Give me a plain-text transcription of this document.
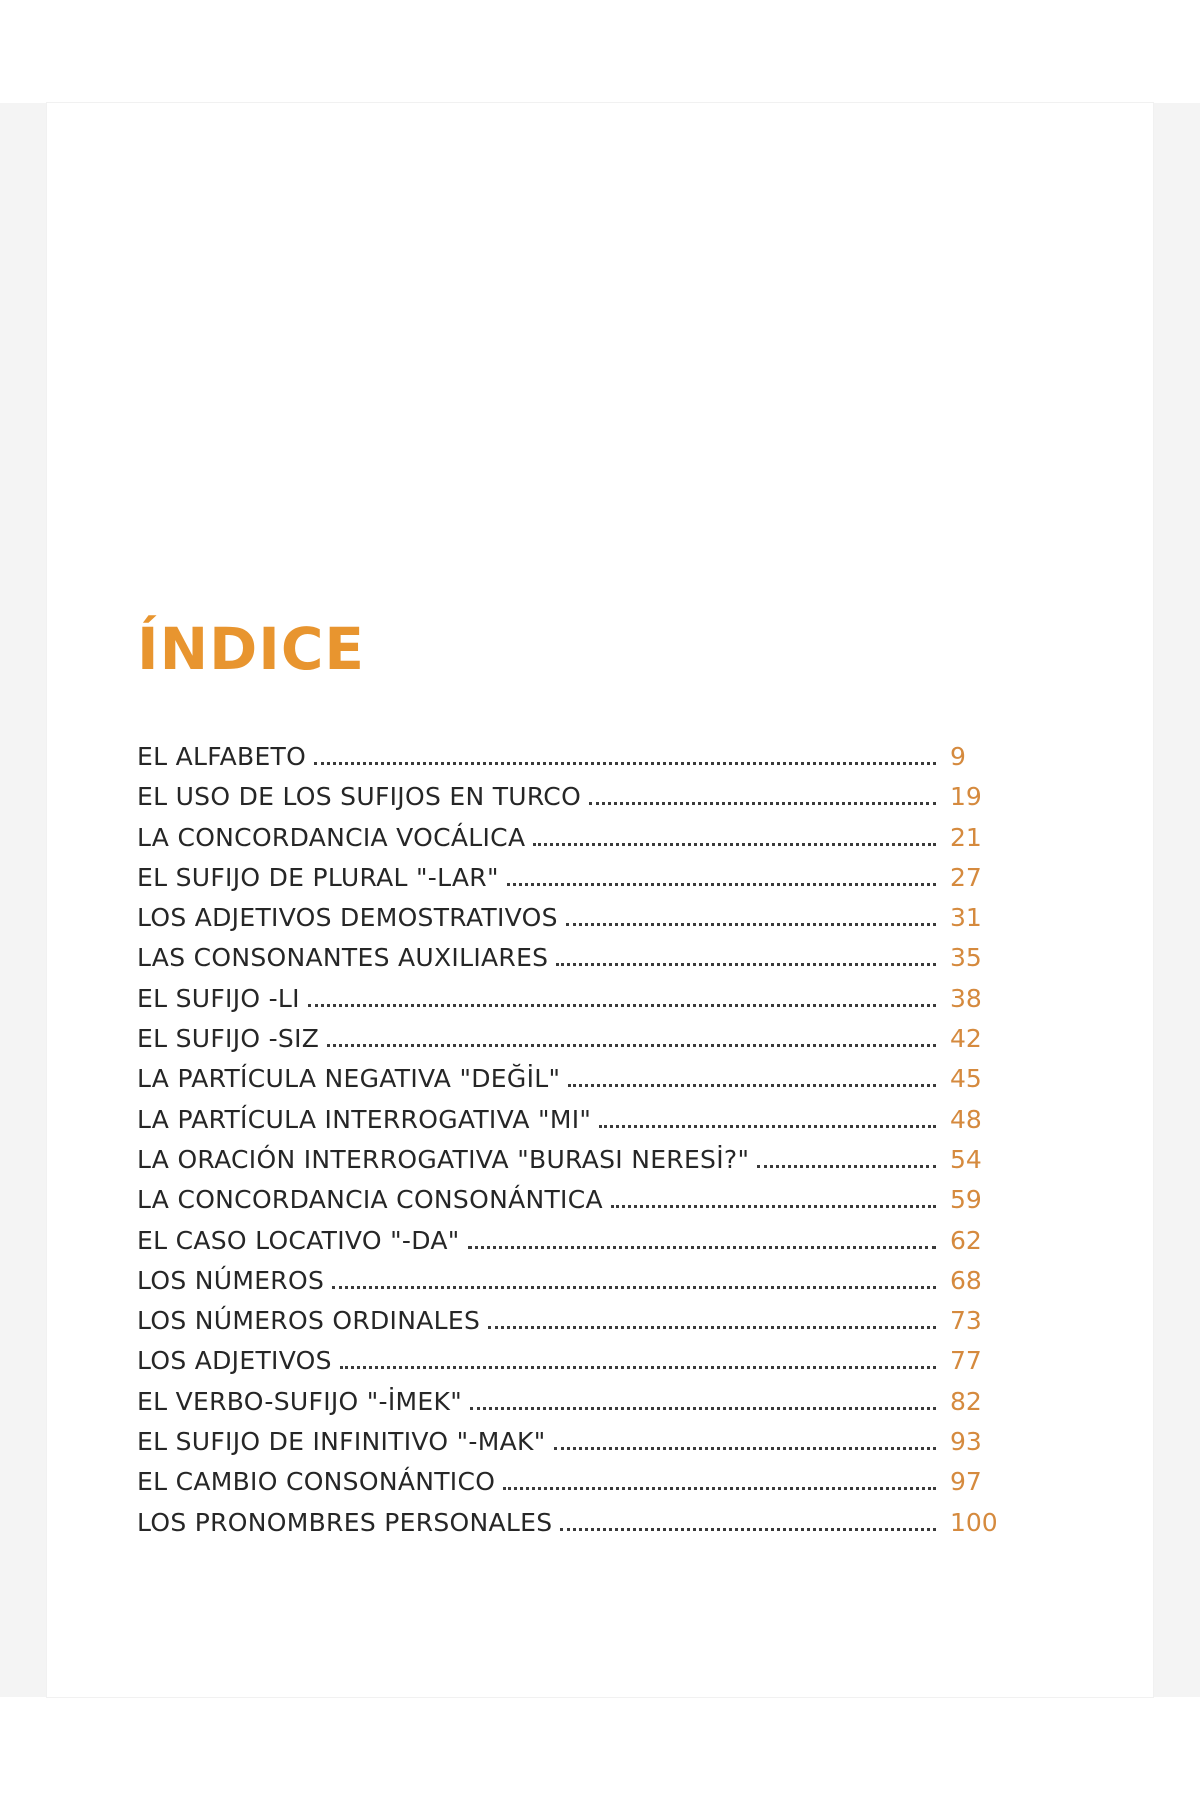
ÍNDICE
EL ALFABETO	9
EL USO DE LOS SUFIJOS EN TURCO	19
LA CONCORDANCIA VOCÁLICA	21
EL SUFIJO DE PLURAL "-LAR"	27
LOS ADJETIVOS DEMOSTRATIVOS	31
LAS CONSONANTES AUXILIARES	35
EL SUFIJO -LI	38
EL SUFIJO -SIZ	42
LA PARTÍCULA NEGATIVA "DEĞİL"	45
LA PARTÍCULA INTERROGATIVA "MI"	48
LA ORACIÓN INTERROGATIVA "BURASI NERESİ?"	54
LA CONCORDANCIA CONSONÁNTICA	59
EL CASO LOCATIVO "-DA"	62
LOS NÚMEROS	68
LOS NÚMEROS ORDINALES	73
LOS ADJETIVOS	77
EL VERBO-SUFIJO "-İMEK"	82
EL SUFIJO DE INFINITIVO "-MAK"	93
EL CAMBIO CONSONÁNTICO	97
LOS PRONOMBRES PERSONALES	100
